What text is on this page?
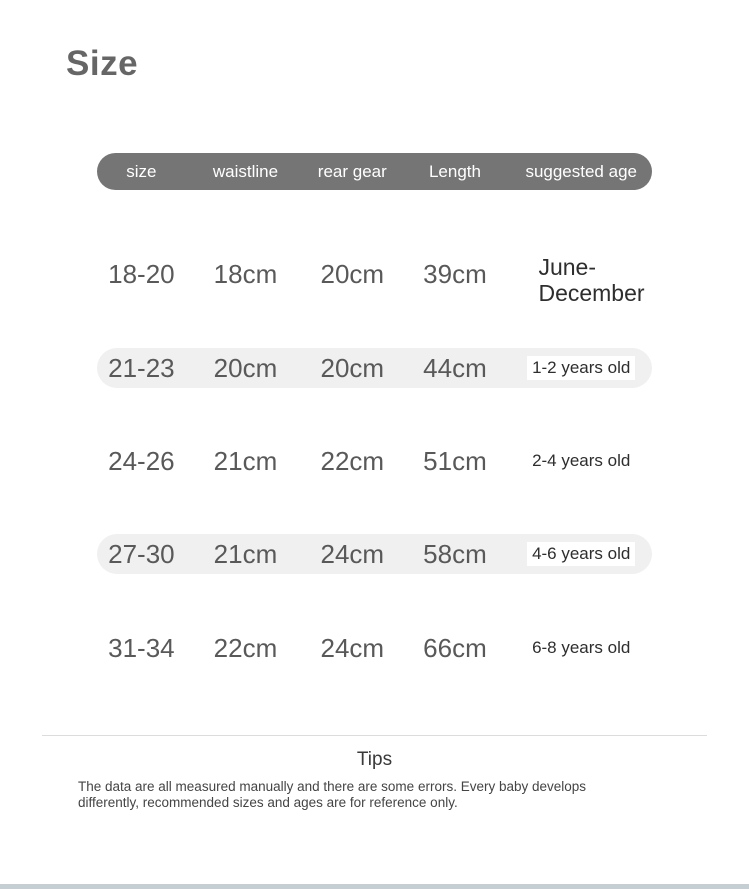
Size
size	waistline	rear gear	Length	suggested age
18-20	18cm	20cm	39cm	June-December
21-23	20cm	20cm	44cm	1-2 years old
24-26	21cm	22cm	51cm	2-4 years old
27-30	21cm	24cm	58cm	4-6 years old
31-34	22cm	24cm	66cm	6-8 years old
Tips
The data are all measured manually and there are some errors. Every baby develops
differently, recommended sizes and ages are for reference only.
